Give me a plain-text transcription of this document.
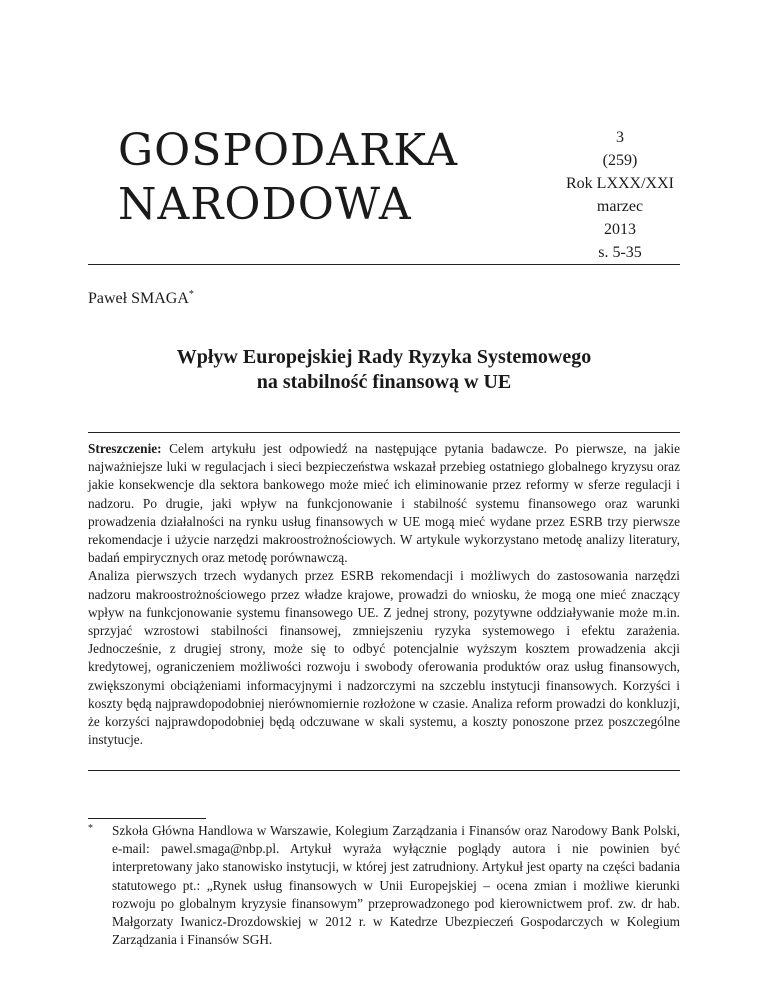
GOSPODARKA
NARODOWA
3
(259)
Rok LXXX/XXI
marzec
2013
s. 5-35
Paweł SMAGA*
Wpływ Europejskiej Rady Ryzyka Systemowego
na stabilność finansową w UE

Streszczenie: Celem artykułu jest odpowiedź na następujące pytania badawcze. Po pierwsze, na jakie najważniejsze luki w regulacjach i sieci bezpieczeństwa wskazał przebieg ostatniego globalnego kryzysu oraz jakie konsekwencje dla sektora bankowego może mieć ich eliminowanie przez reformy w sferze regulacji i nadzoru. Po drugie, jaki wpływ na funkcjonowanie i stabilność systemu finansowego oraz warunki prowadzenia działalności na rynku usług finansowych w UE mogą mieć wydane przez ESRB trzy pierwsze rekomendacje i użycie narzędzi makroostrożnościowych. W artykule wykorzystano metodę analizy literatury, badań empirycznych oraz metodę porównawczą.

Analiza pierwszych trzech wydanych przez ESRB rekomendacji i możliwych do zastosowania narzędzi nadzoru makroostrożnościowego przez władze krajowe, prowadzi do wniosku, że mogą one mieć znaczący wpływ na funkcjonowanie systemu finansowego UE. Z jednej strony, pozytywne oddziaływanie może m.in. sprzyjać wzrostowi stabilności finansowej, zmniejszeniu ryzyka systemowego i efektu zarażenia. Jednocześnie, z drugiej strony, może się to odbyć potencjalnie wyższym kosztem prowadzenia akcji kredytowej, ograniczeniem możliwości rozwoju i swobody oferowania produktów oraz usług finansowych, zwiększonymi obciążeniami informacyjnymi i nadzorczymi na szczeblu instytucji finansowych. Korzyści i koszty będą najprawdopodobniej nierównomiernie rozłożone w czasie. Analiza reform prowadzi do konkluzji, że korzyści najprawdopodobniej będą odczuwane w skali systemu, a koszty ponoszone przez poszczególne instytucje.

* Szkoła Główna Handlowa w Warszawie, Kolegium Zarządzania i Finansów oraz Narodowy Bank Polski, e-mail: pawel.smaga@nbp.pl. Artykuł wyraża wyłącznie poglądy autora i nie powinien być interpretowany jako stanowisko instytucji, w której jest zatrudniony. Artykuł jest oparty na części badania statutowego pt.: „Rynek usług finansowych w Unii Europejskiej – ocena zmian i możliwe kierunki rozwoju po globalnym kryzysie finansowym” przeprowadzonego pod kierownictwem prof. zw. dr hab. Małgorzaty Iwanicz-Drozdowskiej w 2012 r. w Katedrze Ubezpieczeń Gospodarczych w Kolegium Zarządzania i Finansów SGH.
